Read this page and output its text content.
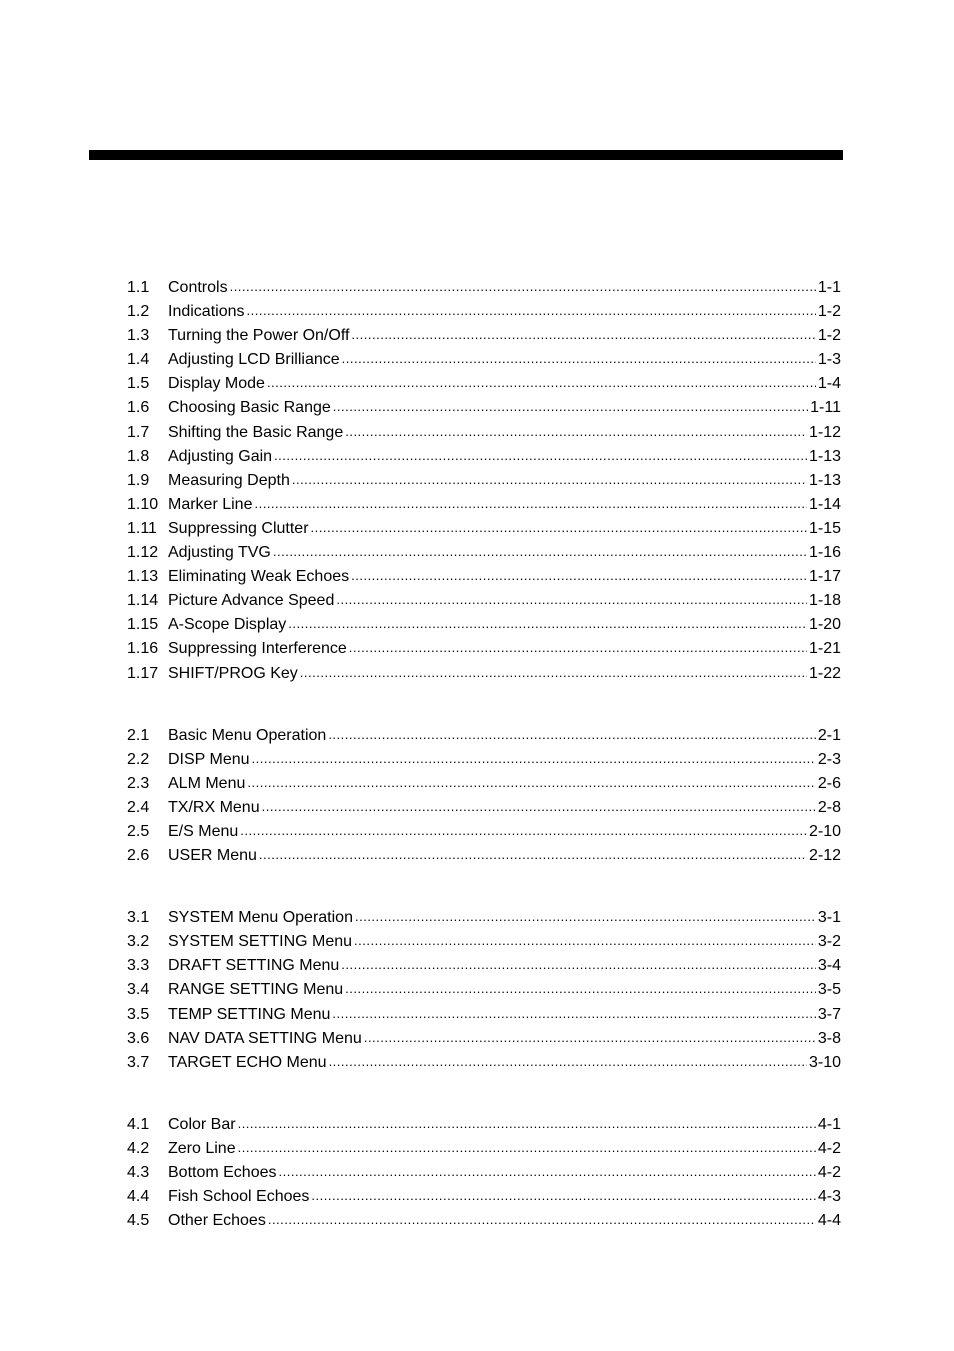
1.1	Controls .....	1-1
1.2	Indications .....	1-2
1.3	Turning the Power On/Off .....	1-2
1.4	Adjusting LCD Brilliance .....	1-3
1.5	Display Mode .....	1-4
1.6	Choosing Basic Range .....	1-11
1.7	Shifting the Basic Range .....	1-12
1.8	Adjusting Gain .....	1-13
1.9	Measuring Depth .....	1-13
1.10 Marker Line .....	1-14
1.11 Suppressing Clutter .....	1-15
1.12 Adjusting TVG .....	1-16
1.13 Eliminating Weak Echoes .....	1-17
1.14 Picture Advance Speed .....	1-18
1.15 A-Scope Display .....	1-20
1.16 Suppressing Interference .....	1-21
1.17 SHIFT/PROG Key .....	1-22
2.1	Basic Menu Operation .....	2-1
2.2	DISP Menu .....	2-3
2.3	ALM Menu .....	2-6
2.4	TX/RX Menu .....	2-8
2.5	E/S Menu .....	2-10
2.6	USER Menu .....	2-12
3.1	SYSTEM Menu Operation .....	3-1
3.2	SYSTEM SETTING Menu .....	3-2
3.3	DRAFT SETTING Menu .....	3-4
3.4	RANGE SETTING Menu .....	3-5
3.5	TEMP SETTING Menu .....	3-7
3.6	NAV DATA SETTING Menu .....	3-8
3.7	TARGET ECHO Menu .....	3-10
4.1	Color Bar .....	4-1
4.2	Zero Line .....	4-2
4.3	Bottom Echoes .....	4-2
4.4	Fish School Echoes .....	4-3
4.5	Other Echoes .....	4-4
